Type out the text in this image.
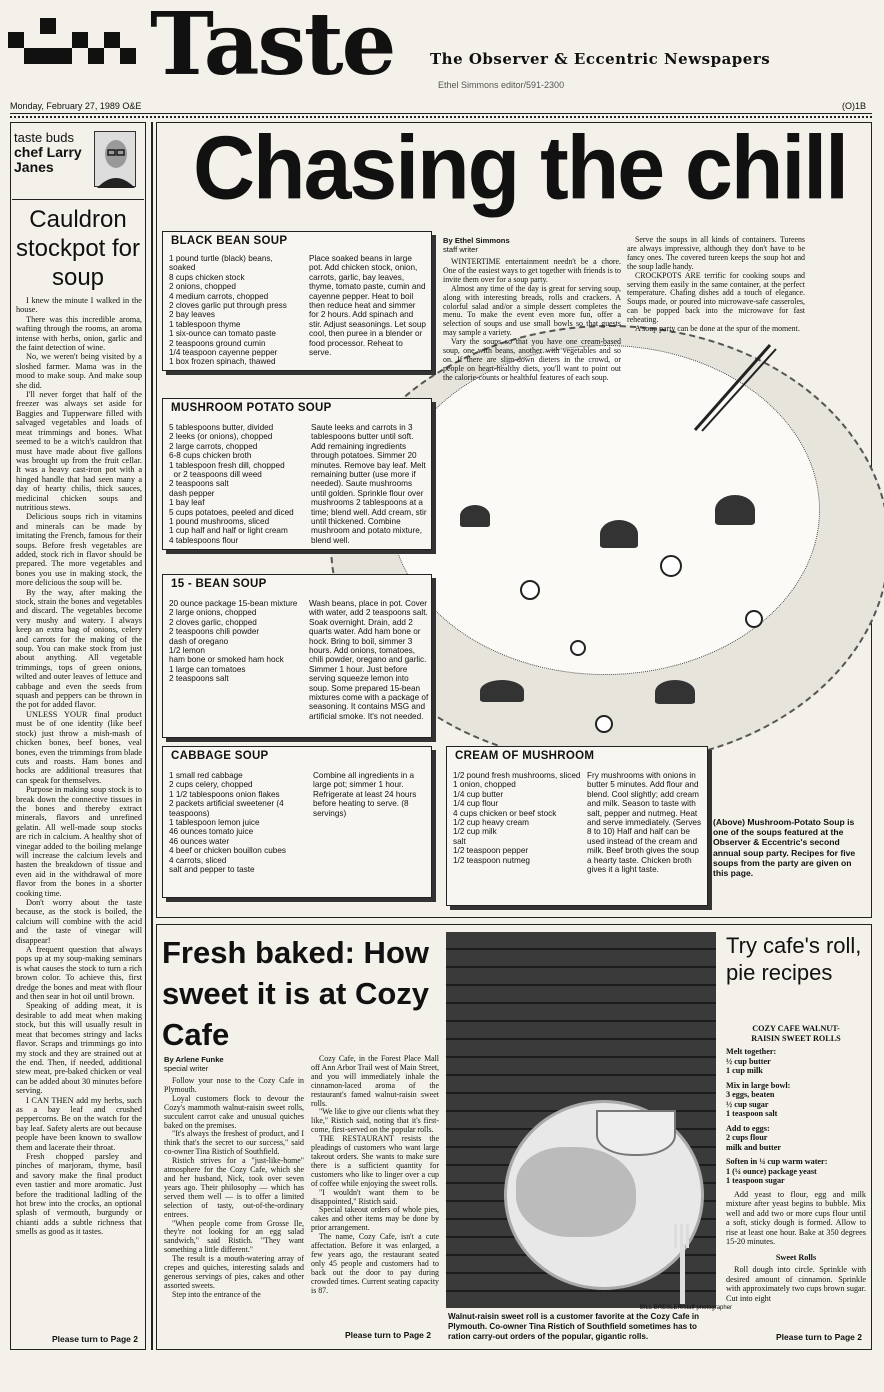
Taste The Observer & Eccentric Newspapers
Ethel Simmons editor/591-2300
Monday, February 27, 1989 O&E	(O)1B
taste buds
chef Larry Janes
Cauldron stockpot for soup

I knew the minute I walked in the house.

There was this incredible aroma, wafting through the rooms, an aroma intense with herbs, onion, garlic and the faint detection of wine.

No, we weren't being visited by a sloshed farmer. Mama was in the mood to make soup. And make soup she did.

I'll never forget that half of the freezer was always set aside for Baggies and Tupperware filled with salvaged vegetables and loads of meat trimmings and bones. What seemed to be a witch's cauldron that must have made about five gallons was brought up from the fruit cellar. It was a heavy cast-iron pot with a hinged handle that had seen many a day of hearty chilis, thick sauces, medicinal chicken soups and nutritious stews.

Delicious soups rich in vitamins and minerals can be made by imitating the French, famous for their soups. Before fresh vegetables are added, stock rich in flavor should be prepared. The more vegetables and bones you use in making stock, the more delicious the soup will be.

By the way, after making the stock, strain the bones and vegetables and discard. The vegetables become very mushy and watery. I always keep an extra bag of onions, celery and carrots for the making of the soup. You can make stock from just about anything. All vegetable trimmings, tops of green onions, wilted and outer leaves of lettuce and cabbage and even the seeds from squash and peppers can be thrown in the pot for added flavor.

UNLESS YOUR final product must be of one identity (like beef stock) just throw a mish-mash of chicken bones, beef bones, veal bones, even the trimmings from blade cuts and roasts. Ham bones and hocks are additional treasures that can speak for themselves.

Purpose in making soup stock is to break down the connective tissues in the bones and thereby extract minerals, flavors and unrefined gelatin. All well-made soup stocks are rich in calcium. A healthy shot of vinegar added to the boiling melange will increase the calcium levels and hasten the breakdown of tissue and even aid in the withdrawal of more flavor from the bones in a shorter cooking time.

Don't worry about the taste because, as the stock is boiled, the calcium will combine with the acid and the taste of vinegar will disappear!

A frequent question that always pops up at my soup-making seminars is what causes the stock to turn a rich brown color. To achieve this, first dredge the bones and meat with flour and then sear in hot oil until brown.

Speaking of adding meat, it is desirable to add meat when making stock, but this will usually result in meat that becomes stringy and lacks flavor. Scraps and trimmings go into my stock and they are strained out at the end. Then, if needed, additional stew meat, pre-baked chicken or veal can be added about 30 minutes before serving.

I CAN THEN add my herbs, such as a bay leaf and crushed peppercorns. Be on the watch for the bay leaf. Safety alerts are out because people have been known to swallow them and lacerate their throat.

Fresh chopped parsley and pinches of marjoram, thyme, basil and savory make the final product even tastier and more aromatic. Just before the traditional ladling of the hot brew into the crocks, an optional splash of vermouth, burgundy or chianti adds a subtle richness that smells as good as it tastes.

Please turn to Page 2
Chasing the chill
BLACK BEAN SOUP
1 pound turtle (black) beans,
soaked
8 cups chicken stock
2 onions, chopped
4 medium carrots, chopped
2 cloves garlic put through press
2 bay leaves
1 tablespoon thyme
1 six-ounce can tomato paste
2 teaspoons ground cumin
1/4 teaspoon cayenne pepper
1 box frozen spinach, thawed
Place soaked beans in large pot. Add chicken stock, onion, carrots, garlic, bay leaves, thyme, tomato paste, cumin and cayenne pepper. Heat to boil then reduce heat and simmer for 2 hours. Add spinach and stir. Adjust seasonings. Let soup cool, then puree in a blender or food processor. Reheat to serve.
MUSHROOM POTATO SOUP
5 tablespoons butter, divided
2 leeks (or onions), chopped
2 large carrots, chopped
6-8 cups chicken broth
1 tablespoon fresh dill, chopped
or 2 teaspoons dill weed
2 teaspoons salt
dash pepper
1 bay leaf
5 cups potatoes, peeled and diced
1 pound mushrooms, sliced
1 cup half and half or light cream
4 tablespoons flour
Saute leeks and carrots in 3 tablespoons butter until soft. Add remaining ingredients through potatoes. Simmer 20 minutes. Remove bay leaf. Melt remaining butter (use more if needed). Saute mushrooms until golden. Sprinkle flour over mushrooms 2 tablespoons at a time; blend well. Add cream, stir until thickened. Combine mushroom and potato mixture, blend well.
15 - BEAN SOUP
20 ounce package 15-bean mixture
2 large onions, chopped
2 cloves garlic, chopped
2 teaspoons chili powder
dash of oregano
1/2 lemon
ham bone or smoked ham hock
1 large can tomatoes
2 teaspoons salt
Wash beans, place in pot. Cover with water, add 2 teaspoons salt. Soak overnight. Drain, add 2 quarts water. Add ham bone or hock. Bring to boil, simmer 3 hours. Add onions, tomatoes, chili powder, oregano and garlic. Simmer 1 hour. Just before serving squeeze lemon into soup. Some prepared 15-bean mixtures come with a package of seasoning. It contains MSG and artificial smoke. It's not needed.
CABBAGE SOUP
1 small red cabbage
2 cups celery, chopped
1 1/2 tablespoons onion flakes
2 packets artificial sweetener (4
teaspoons)
1 tablespoon lemon juice
46 ounces tomato juice
46 ounces water
4 beef or chicken bouillon cubes
4 carrots, sliced
salt and pepper to taste
Combine all ingredients in a large pot; simmer 1 hour. Refrigerate at least 24 hours before heating to serve. (8 servings)
CREAM OF MUSHROOM
1/2 pound fresh mushrooms, sliced
1 onion, chopped
1/4 cup butter
1/4 cup flour
4 cups chicken or beef stock
1/2 cup heavy cream
1/2 cup milk
salt
1/2 teaspoon pepper
1/2 teaspoon nutmeg
Fry mushrooms with onions in butter 5 minutes. Add flour and blend. Cool slightly; add cream and milk. Season to taste with salt, pepper and nutmeg. Heat and serve immediately. (Serves 8 to 10) Half and half can be used instead of the cream and milk. Beef broth gives the soup a hearty taste. Chicken broth gives it a light taste.
By Ethel Simmons
staff writer

WINTERTIME entertainment needn't be a chore. One of the easiest ways to get together with friends is to invite them over for a soup party.

Almost any time of the day is great for serving soup, along with interesting breads, rolls and crackers. A colorful salad and/or a simple dessert completes the menu. To make the event even more fun, offer a selection of soups and use small bowls so that guests may sample a variety.

Vary the soups so that you have one cream-based soup, one with beans, another with vegetables and so on. If there are slim-down dieters in the crowd, or people on heart-healthy diets, you'll want to point out the calorie-counts or healthful features of each soup.

Serve the soups in all kinds of containers. Tureens are always impressive, although they don't have to be fancy ones. The covered tureen keeps the soup hot and the soup ladle handy.

CROCKPOTS ARE terrific for cooking soups and serving them easily in the same container, at the perfect temperature. Chafing dishes add a touch of elegance. Soups made, or poured into microwave-safe casseroles, can be popped back into the microwave for fast reheating.

A soup party can be done at the spur of the moment.

(Above) Mushroom-Potato Soup is one of the soups featured at the Observer & Eccentric's second annual soup party. Recipes for five soups from the party are given on this page.
Fresh baked: How sweet it is at Cozy Cafe
By Arlene Funke
special writer

Follow your nose to the Cozy Cafe in Plymouth.

Loyal customers flock to devour the Cozy's mammoth walnut-raisin sweet rolls, succulent carrot cake and unusual quiches baked on the premises.

"It's always the freshest of product, and I think that's the secret to our success," said co-owner Tina Ristich of Southfield.

Ristich strives for a "just-like-home" atmosphere for the Cozy Cafe, which she and her husband, Nick, took over seven years ago. Their philosophy — which has served them well — is to offer a limited selection of tasty, out-of-the-ordinary entrees.

"When people come from Grosse Ile, they're not looking for an egg salad sandwich," said Ristich. "They want something a little different."

The result is a mouth-watering array of crepes and quiches, interesting salads and generous servings of pies, cakes and other assorted sweets.

Step into the entrance of the

Cozy Cafe, in the Forest Place Mall off Ann Arbor Trail west of Main Street, and you will immediately inhale the cinnamon-laced aroma of the restaurant's famed walnut-raisin sweet rolls.

"We like to give our clients what they like," Ristich said, noting that it's first-come, first-served on the popular rolls.

THE RESTAURANT resists the pleadings of customers who want large takeout orders. She wants to make sure there is a sufficient quantity for customers who like to linger over a cup of coffee while enjoying the sweet rolls.

"I wouldn't want them to be disappointed," Ristich said.

Special takeout orders of whole pies, cakes and other items may be done by prior arrangement.

The name, Cozy Cafe, isn't a cute affectation. Before it was enlarged, a few years ago, the restaurant seated only 45 people and customers had to back out the door to pay during crowded times. Current seating capacity is 87.

Please turn to Page 2
BILL BRESLER/staff photographer
Walnut-raisin sweet roll is a customer favorite at the Cozy Cafe in Plymouth. Co-owner Tina Ristich of Southfield sometimes has to ration carry-out orders of the popular, gigantic rolls.
Try cafe's roll, pie recipes
COZY CAFE WALNUT-RAISIN SWEET ROLLS
Melt together:
½ cup butter
1 cup milk
Mix in large bowl:
3 eggs, beaten
½ cup sugar
1 teaspoon salt
Add to eggs:
2 cups flour
milk and butter
Soften in ¼ cup warm water:
1 (¼ ounce) package yeast
1 teaspoon sugar
Add yeast to flour, egg and milk mixture after yeast begins to bubble. Mix well and add two or more cups flour until a soft, sticky dough is formed. Allow to rise at least one hour. Bake at 350 degrees 15-20 minutes.
Sweet Rolls
Roll dough into circle. Sprinkle with desired amount of cinnamon. Sprinkle with approximately two cups brown sugar. Cut into eight
Please turn to Page 2
